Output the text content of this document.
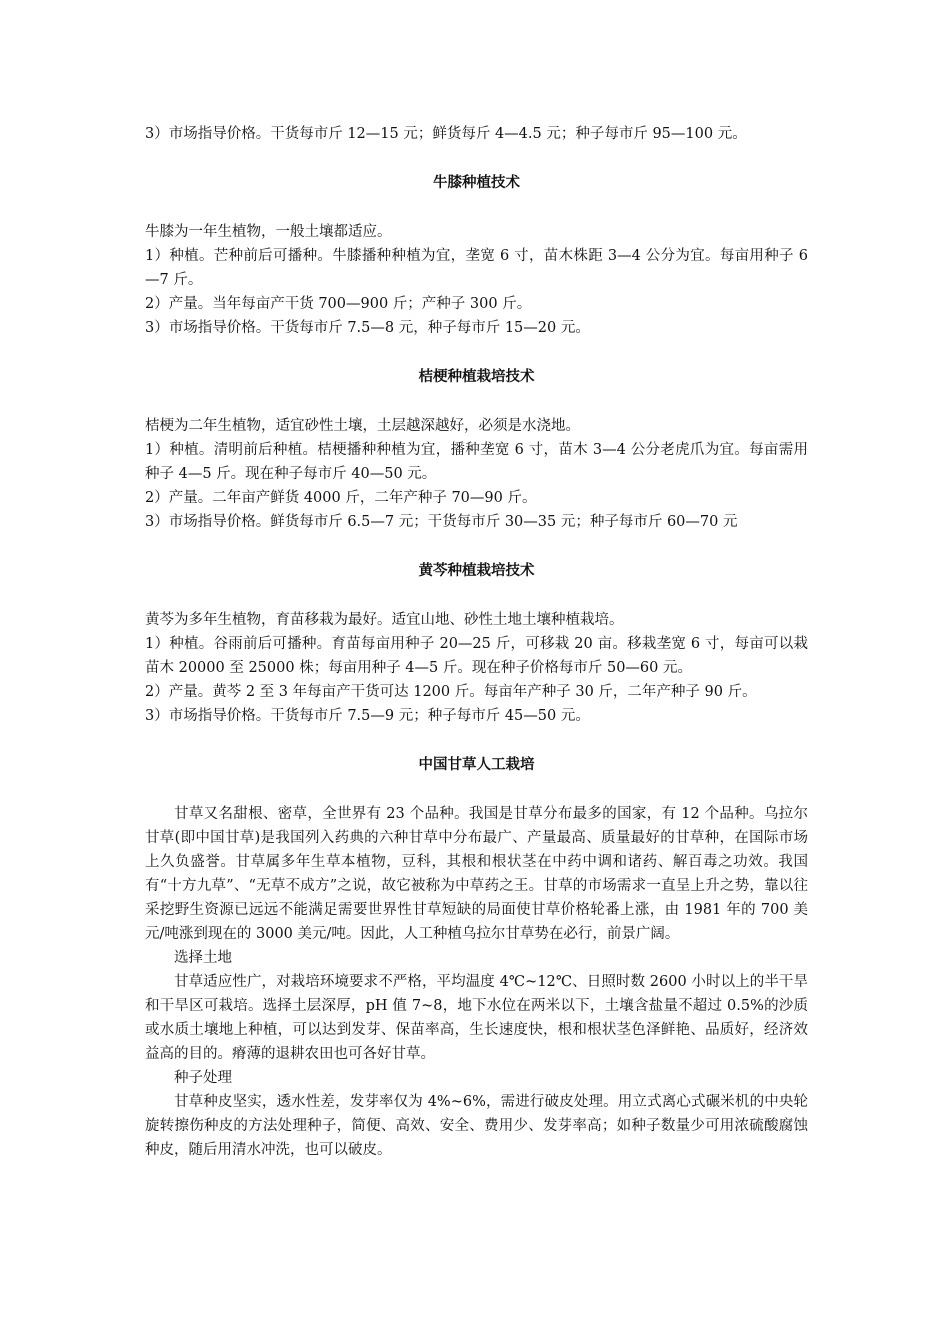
3）市场指导价格。干货每市斤 12—15 元；鲜货每斤 4—4.5 元；种子每市斤 95—100 元。
牛膝种植技术

牛膝为一年生植物，一般土壤都适应。

1）种植。芒种前后可播种。牛膝播种种植为宜，垄宽 6 寸，苗木株距 3—4 公分为宜。每亩用种子 6—7 斤。

2）产量。当年每亩产干货 700—900 斤；产种子 300 斤。

3）市场指导价格。干货每市斤 7.5—8 元，种子每市斤 15—20 元。

桔梗种植栽培技术

桔梗为二年生植物，适宜砂性土壤，土层越深越好，必须是水浇地。

1）种植。清明前后种植。桔梗播种种植为宜，播种垄宽 6 寸，苗木 3—4 公分老虎爪为宜。每亩需用种子 4—5 斤。现在种子每市斤 40—50 元。

2）产量。二年亩产鲜货 4000 斤，二年产种子 70—90 斤。

3）市场指导价格。鲜货每市斤 6.5—7 元；干货每市斤 30—35 元；种子每市斤 60—70 元

黄芩种植栽培技术

黄芩为多年生植物，育苗移栽为最好。适宜山地、砂性土地土壤种植栽培。

1）种植。谷雨前后可播种。育苗每亩用种子 20—25 斤，可移栽 20 亩。移栽垄宽 6 寸，每亩可以栽苗木 20000 至 25000 株；每亩用种子 4—5 斤。现在种子价格每市斤 50—60 元。

2）产量。黄芩 2 至 3 年每亩产干货可达 1200 斤。每亩年产种子 30 斤，二年产种子 90 斤。

3）市场指导价格。干货每市斤 7.5—9 元；种子每市斤 45—50 元。

中国甘草人工栽培

甘草又名甜根、密草，全世界有 23 个品种。我国是甘草分布最多的国家，有 12 个品种。乌拉尔甘草(即中国甘草)是我国列入药典的六种甘草中分布最广、产量最高、质量最好的甘草种，在国际市场上久负盛誉。甘草属多年生草本植物，豆科，其根和根状茎在中药中调和诸药、解百毒之功效。我国有“十方九草”、“无草不成方”之说，故它被称为中草药之王。甘草的市场需求一直呈上升之势，靠以往采挖野生资源已远远不能满足需要世界性甘草短缺的局面使甘草价格轮番上涨，由 1981 年的 700 美元/吨涨到现在的 3000 美元/吨。因此，人工种植乌拉尔甘草势在必行，前景广阔。

选择土地

甘草适应性广，对栽培环境要求不严格，平均温度 4℃~12℃、日照时数 2600 小时以上的半干旱和干旱区可栽培。选择土层深厚，pH 值 7~8，地下水位在两米以下，土壤含盐量不超过 0.5%的沙质或水质土壤地上种植，可以达到发芽、保苗率高，生长速度快，根和根状茎色泽鲜艳、品质好，经济效益高的目的。瘠薄的退耕农田也可各好甘草。

种子处理

甘草种皮坚实，透水性差，发芽率仅为 4%~6%，需进行破皮处理。用立式离心式碾米机的中央轮旋转擦伤种皮的方法处理种子，简便、高效、安全、费用少、发芽率高；如种子数量少可用浓硫酸腐蚀种皮，随后用清水冲洗，也可以破皮。
